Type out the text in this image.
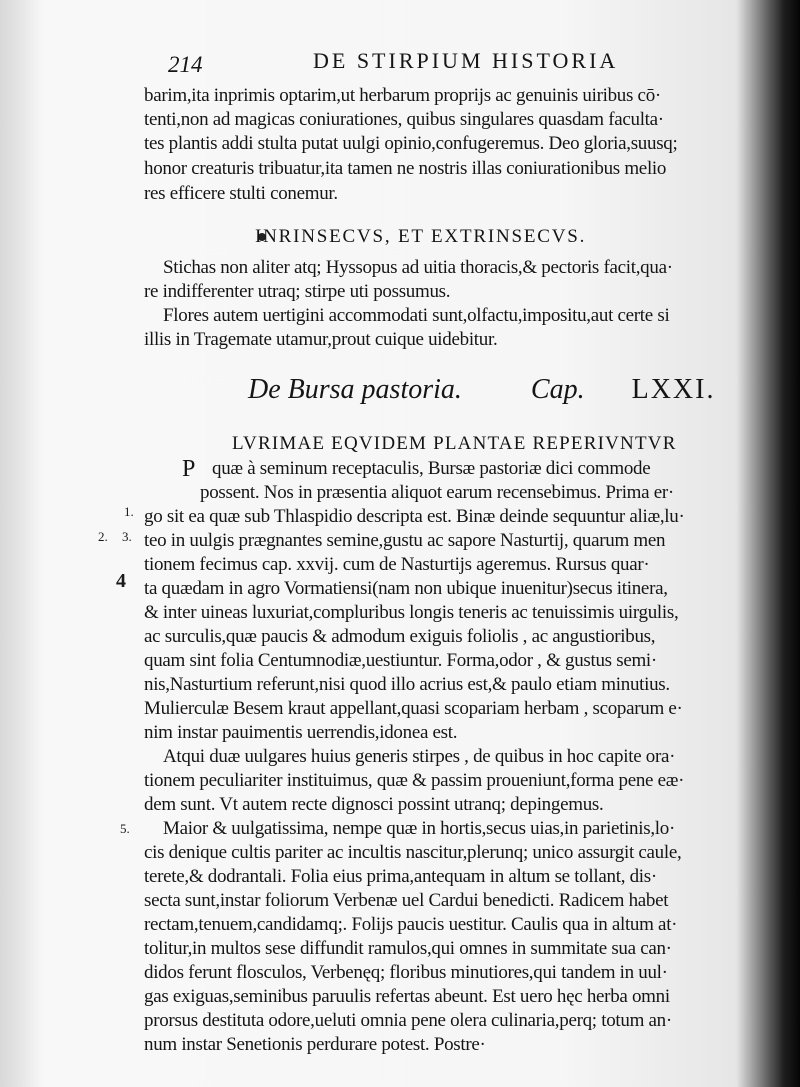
214	DE STIRPIUM HISTORIA
barim,ita inprimis optarim,ut herbarum proprijs ac genuinis uiribus cō·
tenti,non ad magicas coniurationes, quibus singulares quasdam faculta·
tes plantis addi stulta putat uulgi opinio,confugeremus. Deo gloria,suusq;
honor creaturis tribuatur,ita tamen ne nostris illas coniurationibus melio
res efficere stulti conemur.
INRINSECVS, ET EXTRINSECVS.
Stichas non aliter atq; Hyssopus ad uitia thoracis,& pectoris facit,qua·
re indifferenter utraq; stirpe uti possumus.
Flores autem uertigini accommodati sunt,olfactu,impositu,aut certe si
illis in Tragemate utamur,prout cuique uidebitur.
De Bursa pastoria. Cap. LXXI.
LVRIMAE EQVIDEM PLANTAE REPERIVNTVR
P quæ à seminum receptaculis, Bursæ pastoriæ dici commode
possent. Nos in præsentia aliquot earum recensebimus. Prima er·
go sit ea quæ sub Thlaspidio descripta est. Binæ deinde sequuntur aliæ,lu·
teo in uulgis prægnantes semine,gustu ac sapore Nasturtij, quarum men
tionem fecimus cap. xxvij. cum de Nasturtijs ageremus. Rursus quar·
ta quædam in agro Vormatiensi(nam non ubique inuenitur)secus itinera,
& inter uineas luxuriat,compluribus longis teneris ac tenuissimis uirgulis,
ac surculis,quæ paucis & admodum exiguis foliolis , ac angustioribus,
quam sint folia Centumnodiæ,uestiuntur. Forma,odor , & gustus semi·
nis,Nasturtium referunt,nisi quod illo acrius est,& paulo etiam minutius.
Mulierculæ Besem kraut appellant,quasi scopariam herbam , scoparum e·
nim instar pauimentis uerrendis,idonea est.
Atqui duæ uulgares huius generis stirpes , de quibus in hoc capite ora·
tionem peculiariter instituimus, quæ & passim proueniunt,forma pene eæ·
dem sunt. Vt autem recte dignosci possint utranq; depingemus.
Maior & uulgatissima, nempe quæ in hortis,secus uias,in parietinis,lo·
cis denique cultis pariter ac incultis nascitur,plerunq; unico assurgit caule,
terete,& dodrantali. Folia eius prima,antequam in altum se tollant, dis·
secta sunt,instar foliorum Verbenæ uel Cardui benedicti. Radicem habet
rectam,tenuem,candidamq;. Folijs paucis uestitur. Caulis qua in altum at·
tolitur,in multos sese diffundit ramulos,qui omnes in summitate sua can·
didos ferunt flosculos, Verbenęq; floribus minutiores,qui tandem in uul·
gas exiguas,seminibus paruulis refertas abeunt. Est uero hęc herba omni
prorsus destituta odore,ueluti omnia pene olera culinaria,perq; totum an·
num instar Senetionis perdurare potest. Postre·
1.
2. 3.
4
5.
